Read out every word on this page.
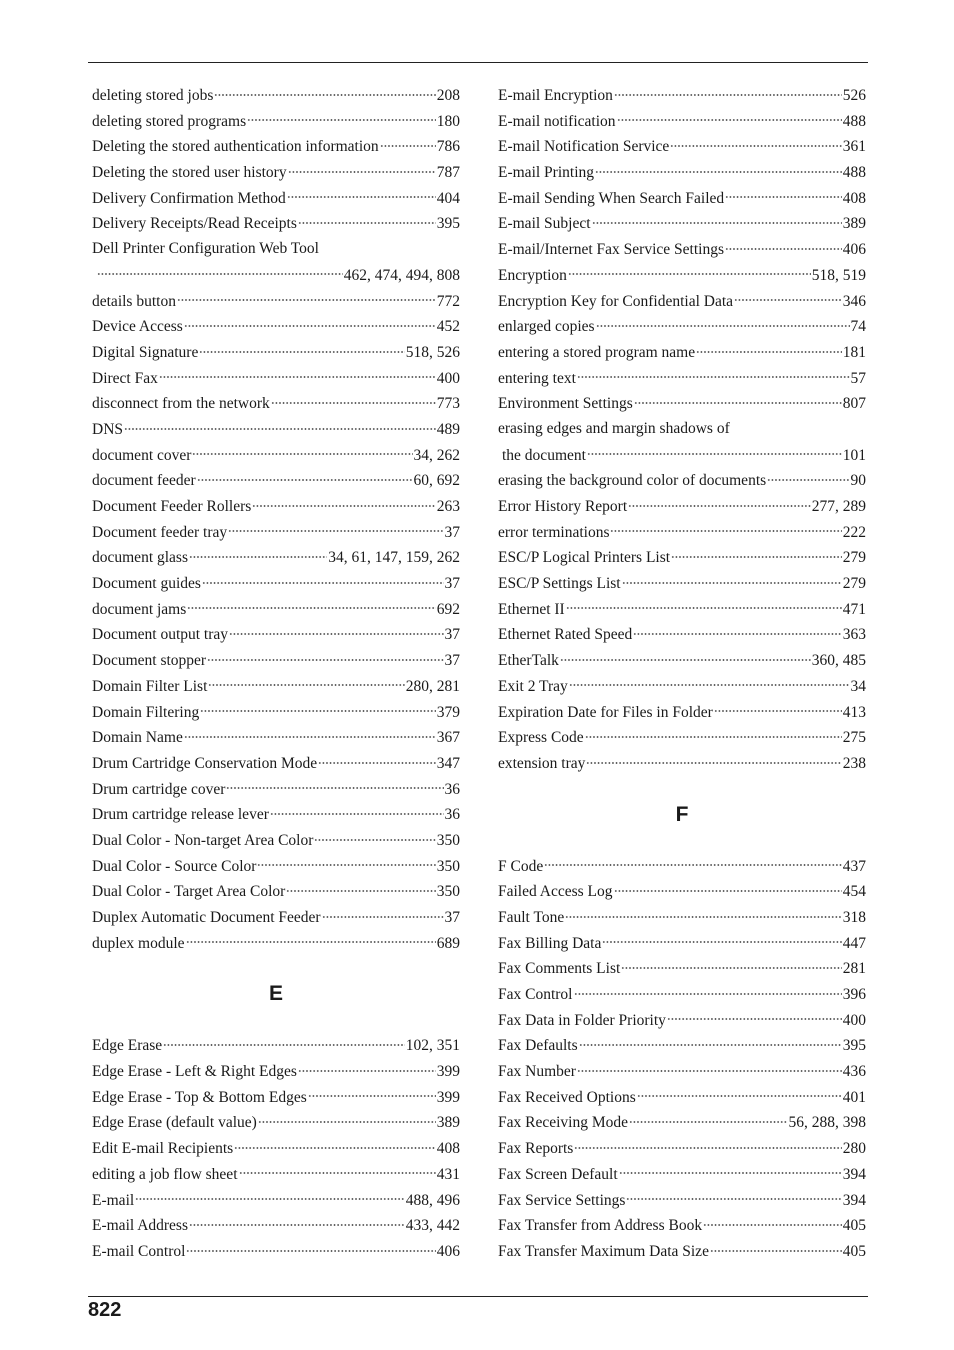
deleting stored jobs	208
deleting stored programs	180
Deleting the stored authentication information	786
Deleting the stored user history	787
Delivery Confirmation Method	404
Delivery Receipts/Read Receipts	395
Dell Printer Configuration Web Tool
462, 474, 494, 808
details button	772
Device Access	452
Digital Signature	518, 526
Direct Fax	400
disconnect from the network	773
DNS	489
document cover	34, 262
document feeder	60, 692
Document Feeder Rollers	263
Document feeder tray	37
document glass	34, 61, 147, 159, 262
Document guides	37
document jams	692
Document output tray	37
Document stopper	37
Domain Filter List	280, 281
Domain Filtering	379
Domain Name	367
Drum Cartridge Conservation Mode	347
Drum cartridge cover	36
Drum cartridge release lever	36
Dual Color - Non-target Area Color	350
Dual Color - Source Color	350
Dual Color - Target Area Color	350
Duplex Automatic Document Feeder	37
duplex module	689
E
Edge Erase	102, 351
Edge Erase - Left & Right Edges	399
Edge Erase - Top & Bottom Edges	399
Edge Erase (default value)	389
Edit E-mail Recipients	408
editing a job flow sheet	431
E-mail	488, 496
E-mail Address	433, 442
E-mail Control	406
E-mail Encryption	526
E-mail notification	488
E-mail Notification Service	361
E-mail Printing	488
E-mail Sending When Search Failed	408
E-mail Subject	389
E-mail/Internet Fax Service Settings	406
Encryption	518, 519
Encryption Key for Confidential Data	346
enlarged copies	74
entering a stored program name	181
entering text	57
Environment Settings	807
erasing edges and margin shadows of
the document	101
erasing the background color of documents	90
Error History Report	277, 289
error terminations	222
ESC/P Logical Printers List	279
ESC/P Settings List	279
Ethernet II	471
Ethernet Rated Speed	363
EtherTalk	360, 485
Exit 2 Tray	34
Expiration Date for Files in Folder	413
Express Code	275
extension tray	238
F
F Code	437
Failed Access Log	454
Fault Tone	318
Fax Billing Data	447
Fax Comments List	281
Fax Control	396
Fax Data in Folder Priority	400
Fax Defaults	395
Fax Number	436
Fax Received Options	401
Fax Receiving Mode	56, 288, 398
Fax Reports	280
Fax Screen Default	394
Fax Service Settings	394
Fax Transfer from Address Book	405
Fax Transfer Maximum Data Size	405
822
